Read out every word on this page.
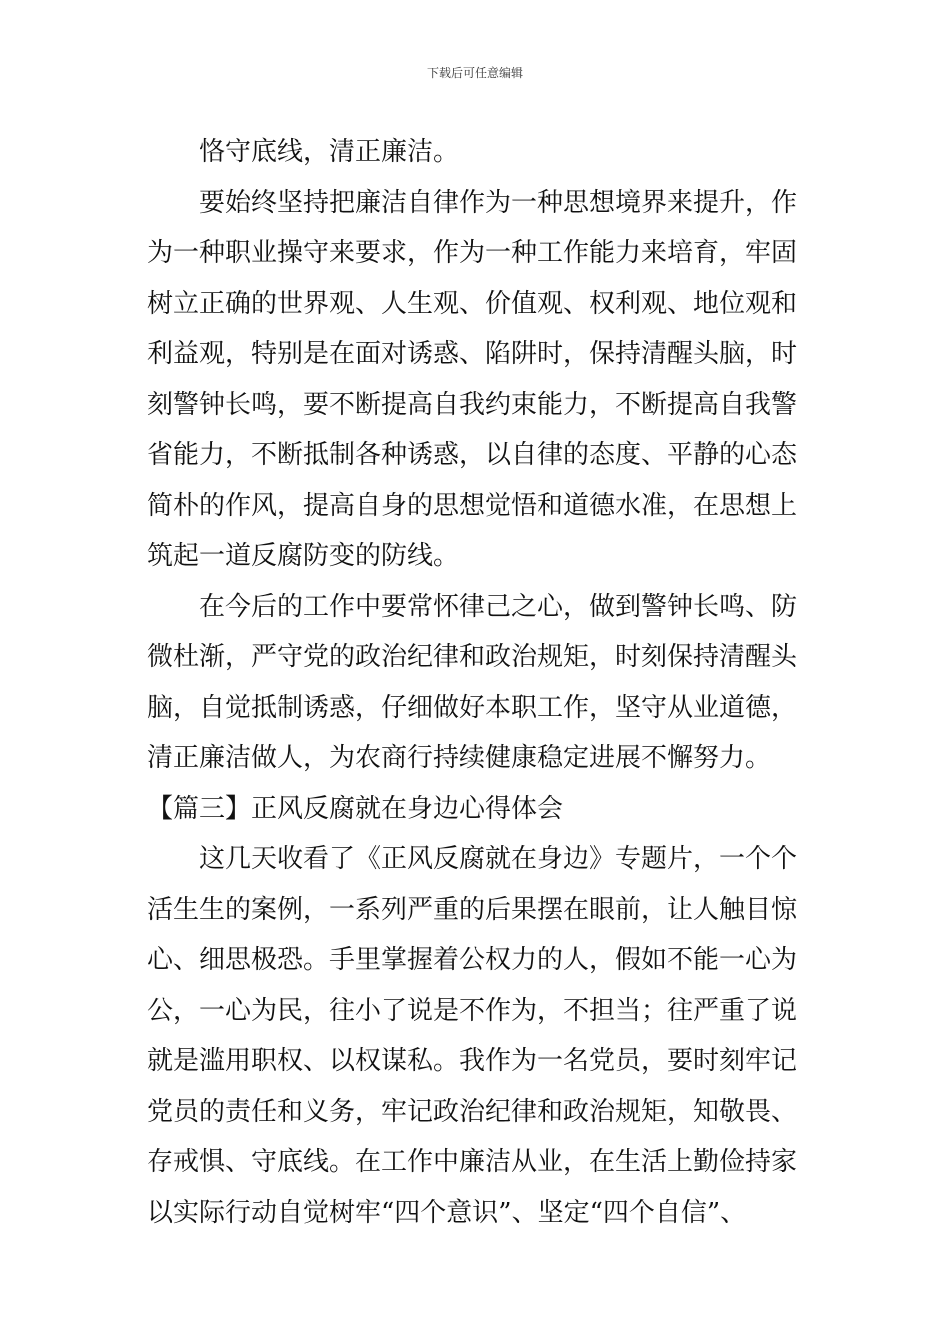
下载后可任意编辑
恪守底线，清正廉洁。
要始终坚持把廉洁自律作为一种思想境界来提升，作
为一种职业操守来要求，作为一种工作能力来培育，牢固
树立正确的世界观、人生观、价值观、权利观、地位观和
利益观，特别是在面对诱惑、陷阱时，保持清醒头脑，时
刻警钟长鸣，要不断提高自我约束能力，不断提高自我警
省能力，不断抵制各种诱惑，以自律的态度、平静的心态
简朴的作风，提高自身的思想觉悟和道德水准，在思想上
筑起一道反腐防变的防线。
在今后的工作中要常怀律己之心，做到警钟长鸣、防
微杜渐，严守党的政治纪律和政治规矩，时刻保持清醒头
脑，自觉抵制诱惑，仔细做好本职工作，坚守从业道德，
清正廉洁做人，为农商行持续健康稳定进展不懈努力。
【篇三】正风反腐就在身边心得体会
这几天收看了《正风反腐就在身边》专题片，一个个
活生生的案例，一系列严重的后果摆在眼前，让人触目惊
心、细思极恐。手里掌握着公权力的人，假如不能一心为
公，一心为民，往小了说是不作为，不担当；往严重了说
就是滥用职权、以权谋私。我作为一名党员，要时刻牢记
党员的责任和义务，牢记政治纪律和政治规矩，知敬畏、
存戒惧、守底线。在工作中廉洁从业，在生活上勤俭持家
以实际行动自觉树牢“四个意识”、坚定“四个自信”、
